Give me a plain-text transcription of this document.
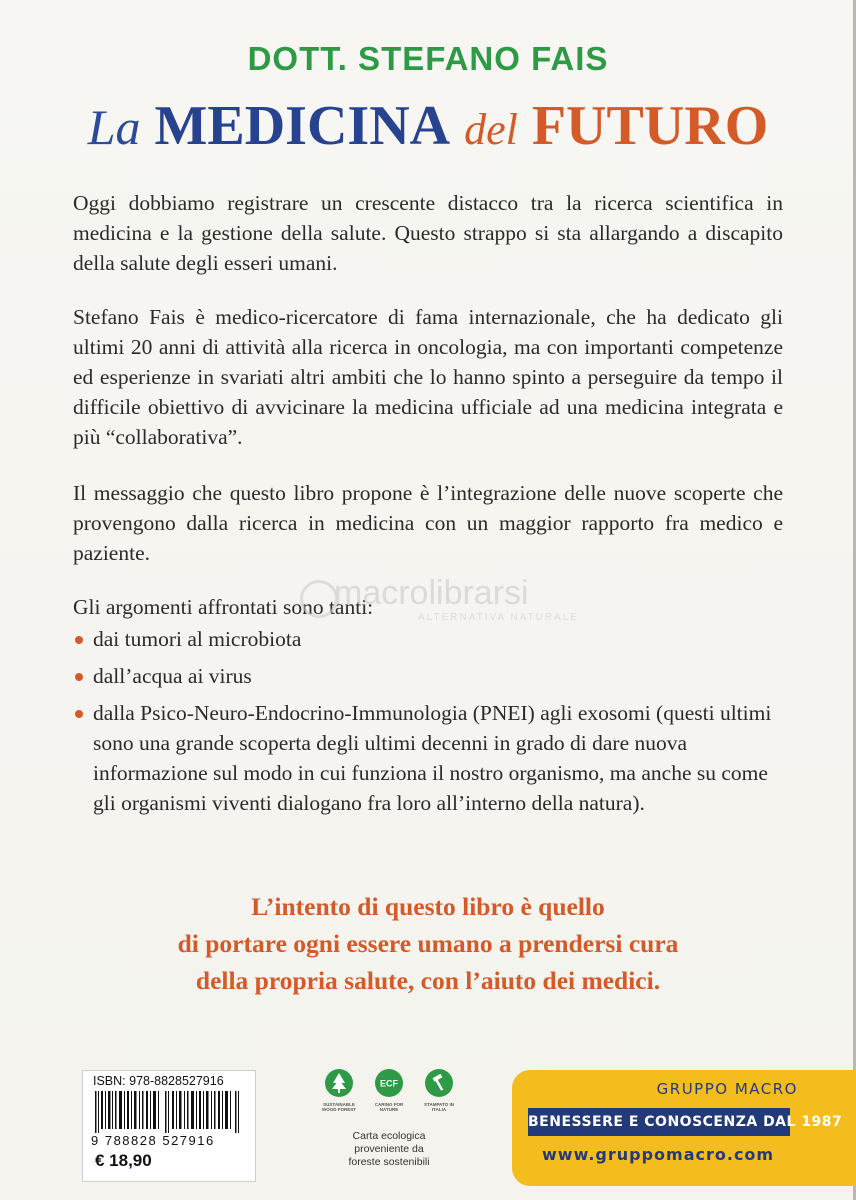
DOTT. STEFANO FAIS
La MEDICINA del FUTURO

Oggi dobbiamo registrare un crescente distacco tra la ricerca scientifica in medicina e la gestione della salute. Questo strappo si sta allargando a discapito della salute degli esseri umani.

Stefano Fais è medico-ricercatore di fama internazionale, che ha dedicato gli ultimi 20 anni di attività alla ricerca in oncologia, ma con importanti competenze ed esperienze in svariati altri ambiti che lo hanno spinto a perseguire da tempo il difficile obiettivo di avvicinare la medicina ufficiale ad una medicina integrata e più “collaborativa”.

Il messaggio che questo libro propone è l’integrazione delle nuove scoperte che provengono dalla ricerca in medicina con un maggior rapporto fra medico e paziente.

Gli argomenti affrontati sono tanti:

dai tumori al microbiota
dall’acqua ai virus
dalla Psico-Neuro-Endocrino-Immunologia (PNEI) agli exosomi (questi ultimi sono una grande scoperta degli ultimi decenni in grado di dare nuova informazione sul modo in cui funziona il nostro organismo, ma anche su come gli organismi viventi dialogano fra loro all’interno della natura).
macrolibrarsi
ALTERNATIVA NATURALE
L’intento di questo libro è quello
di portare ogni essere umano a prendersi cura
della propria salute, con l’aiuto dei medici.
ISBN: 978-8828527916
9 788828 527916
€ 18,90
ECF
SUSTAINABLE WOOD FOREST
CARING FOR NATURE
STAMPATO IN ITALIA
Carta ecologica
proveniente da
foreste sostenibili
GRUPPO MACRO
BENESSERE E CONOSCENZA DAL 1987
www.gruppomacro.com
